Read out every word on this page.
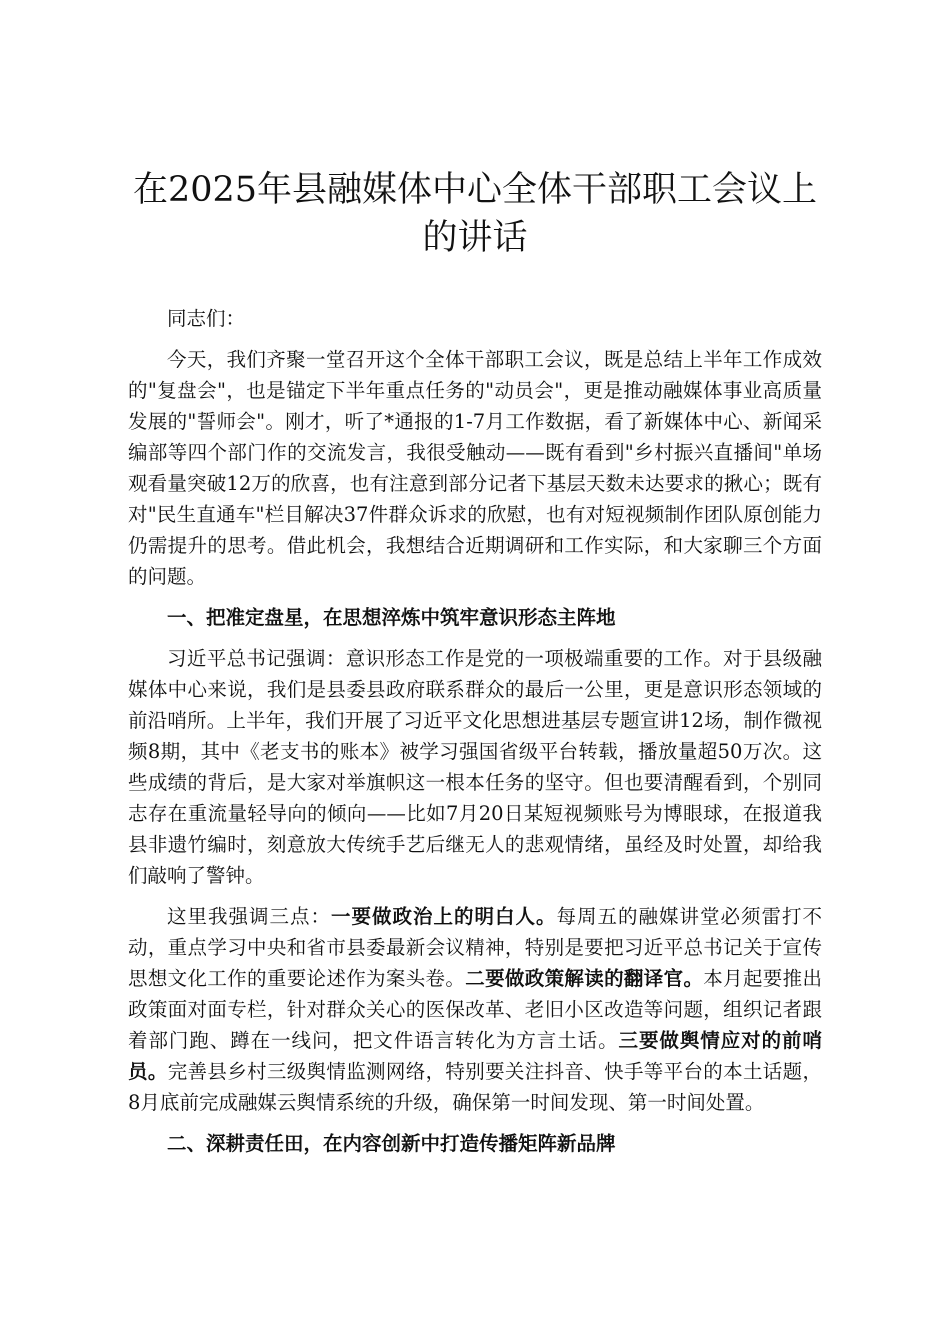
在2025年县融媒体中心全体干部职工会议上的讲话

同志们：

今天，我们齐聚一堂召开这个全体干部职工会议，既是总结上半年工作成效的"复盘会"，也是锚定下半年重点任务的"动员会"，更是推动融媒体事业高质量发展的"誓师会"。刚才，听了*通报的1-7月工作数据，看了新媒体中心、新闻采编部等四个部门作的交流发言，我很受触动——既有看到"乡村振兴直播间"单场观看量突破12万的欣喜，也有注意到部分记者下基层天数未达要求的揪心；既有对"民生直通车"栏目解决37件群众诉求的欣慰，也有对短视频制作团队原创能力仍需提升的思考。借此机会，我想结合近期调研和工作实际，和大家聊三个方面的问题。

一、把准定盘星，在思想淬炼中筑牢意识形态主阵地

习近平总书记强调：意识形态工作是党的一项极端重要的工作。对于县级融媒体中心来说，我们是县委县政府联系群众的最后一公里，更是意识形态领域的前沿哨所。上半年，我们开展了习近平文化思想进基层专题宣讲12场，制作微视频8期，其中《老支书的账本》被学习强国省级平台转载，播放量超50万次。这些成绩的背后，是大家对举旗帜这一根本任务的坚守。但也要清醒看到，个别同志存在重流量轻导向的倾向——比如7月20日某短视频账号为博眼球，在报道我县非遗竹编时，刻意放大传统手艺后继无人的悲观情绪，虽经及时处置，却给我们敲响了警钟。

这里我强调三点：一要做政治上的明白人。每周五的融媒讲堂必须雷打不动，重点学习中央和省市县委最新会议精神，特别是要把习近平总书记关于宣传思想文化工作的重要论述作为案头卷。二要做政策解读的翻译官。本月起要推出政策面对面专栏，针对群众关心的医保改革、老旧小区改造等问题，组织记者跟着部门跑、蹲在一线问，把文件语言转化为方言土话。三要做舆情应对的前哨员。完善县乡村三级舆情监测网络，特别要关注抖音、快手等平台的本土话题，8月底前完成融媒云舆情系统的升级，确保第一时间发现、第一时间处置。

二、深耕责任田，在内容创新中打造传播矩阵新品牌
